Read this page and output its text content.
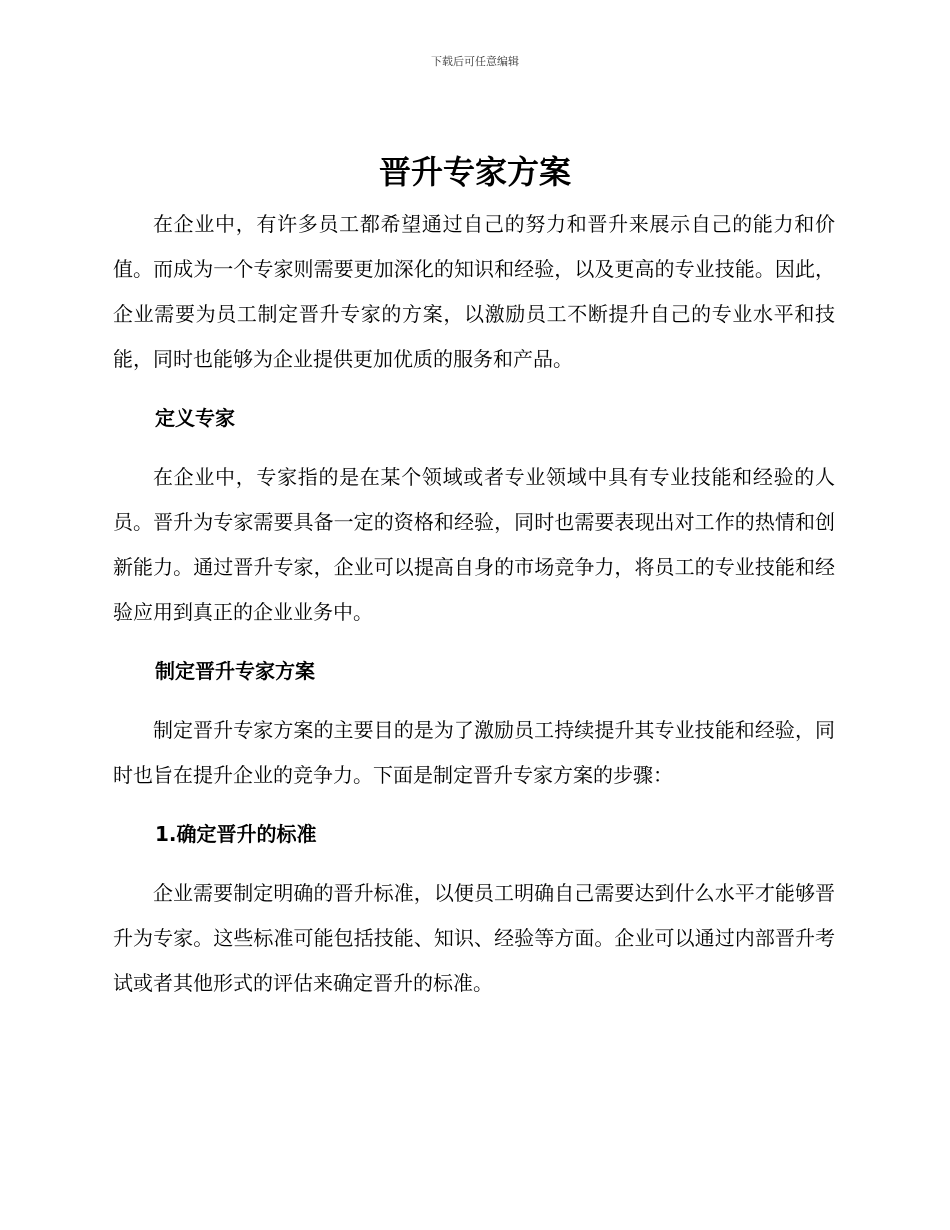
下载后可任意编辑
晋升专家方案

在企业中，有许多员工都希望通过自己的努力和晋升来展示自己的能力和价值。而成为一个专家则需要更加深化的知识和经验，以及更高的专业技能。因此，企业需要为员工制定晋升专家的方案，以激励员工不断提升自己的专业水平和技能，同时也能够为企业提供更加优质的服务和产品。

定义专家

在企业中，专家指的是在某个领域或者专业领域中具有专业技能和经验的人员。晋升为专家需要具备一定的资格和经验，同时也需要表现出对工作的热情和创新能力。通过晋升专家，企业可以提高自身的市场竞争力，将员工的专业技能和经验应用到真正的企业业务中。

制定晋升专家方案

制定晋升专家方案的主要目的是为了激励员工持续提升其专业技能和经验，同时也旨在提升企业的竞争力。下面是制定晋升专家方案的步骤：

1.确定晋升的标准

企业需要制定明确的晋升标准，以便员工明确自己需要达到什么水平才能够晋升为专家。这些标准可能包括技能、知识、经验等方面。企业可以通过内部晋升考试或者其他形式的评估来确定晋升的标准。
